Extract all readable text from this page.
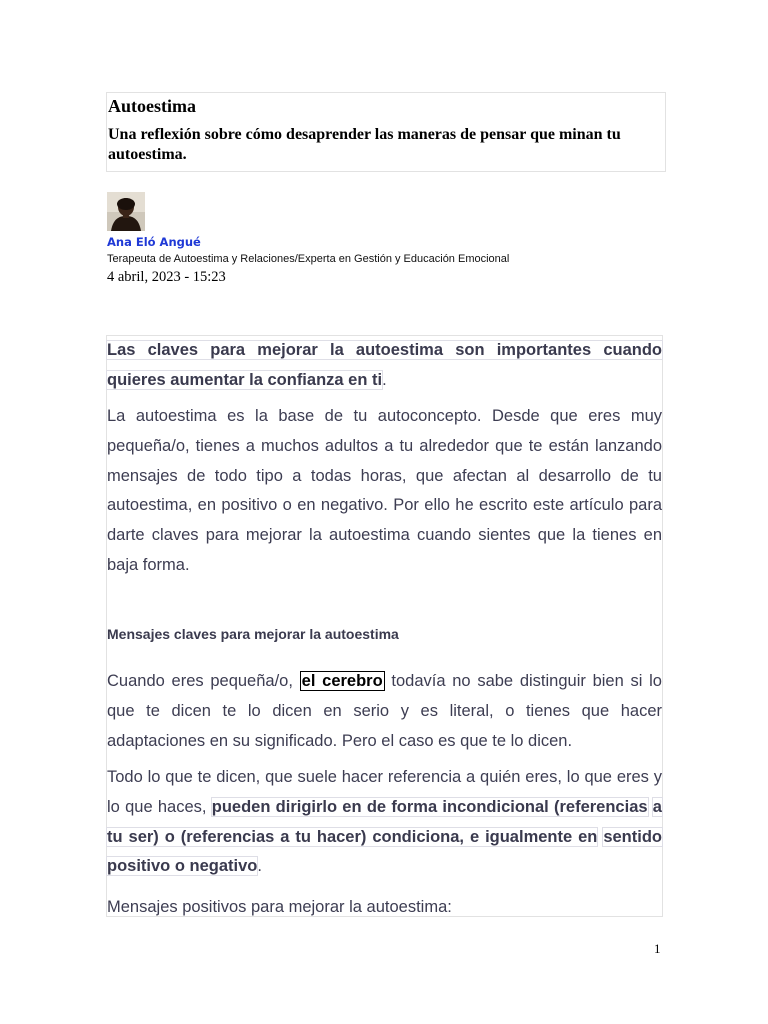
Autoestima
Una reflexión sobre cómo desaprender las maneras de pensar que minan tu autoestima.
Ana Eló Angué
Terapeuta de Autoestima y Relaciones/Experta en Gestión y Educación Emocional
4 abril, 2023 - 15:23

Las claves para mejorar la autoestima son importantes cuando quieres aumentar la confianza en ti.

La autoestima es la base de tu autoconcepto. Desde que eres muy pequeña/o, tienes a muchos adultos a tu alrededor que te están lanzando mensajes de todo tipo a todas horas, que afectan al desarrollo de tu autoestima, en positivo o en negativo. Por ello he escrito este artículo para darte claves para mejorar la autoestima cuando sientes que la tienes en baja forma.

Mensajes claves para mejorar la autoestima

Cuando eres pequeña/o, el cerebro todavía no sabe distinguir bien si lo que te dicen te lo dicen en serio y es literal, o tienes que hacer adaptaciones en su significado. Pero el caso es que te lo dicen.

Todo lo que te dicen, que suele hacer referencia a quién eres, lo que eres y lo que haces, pueden dirigirlo en de forma incondicional (referencias a tu ser) o (referencias a tu hacer) condiciona, e igualmente en sentido positivo o negativo.

Mensajes positivos para mejorar la autoestima:

1
